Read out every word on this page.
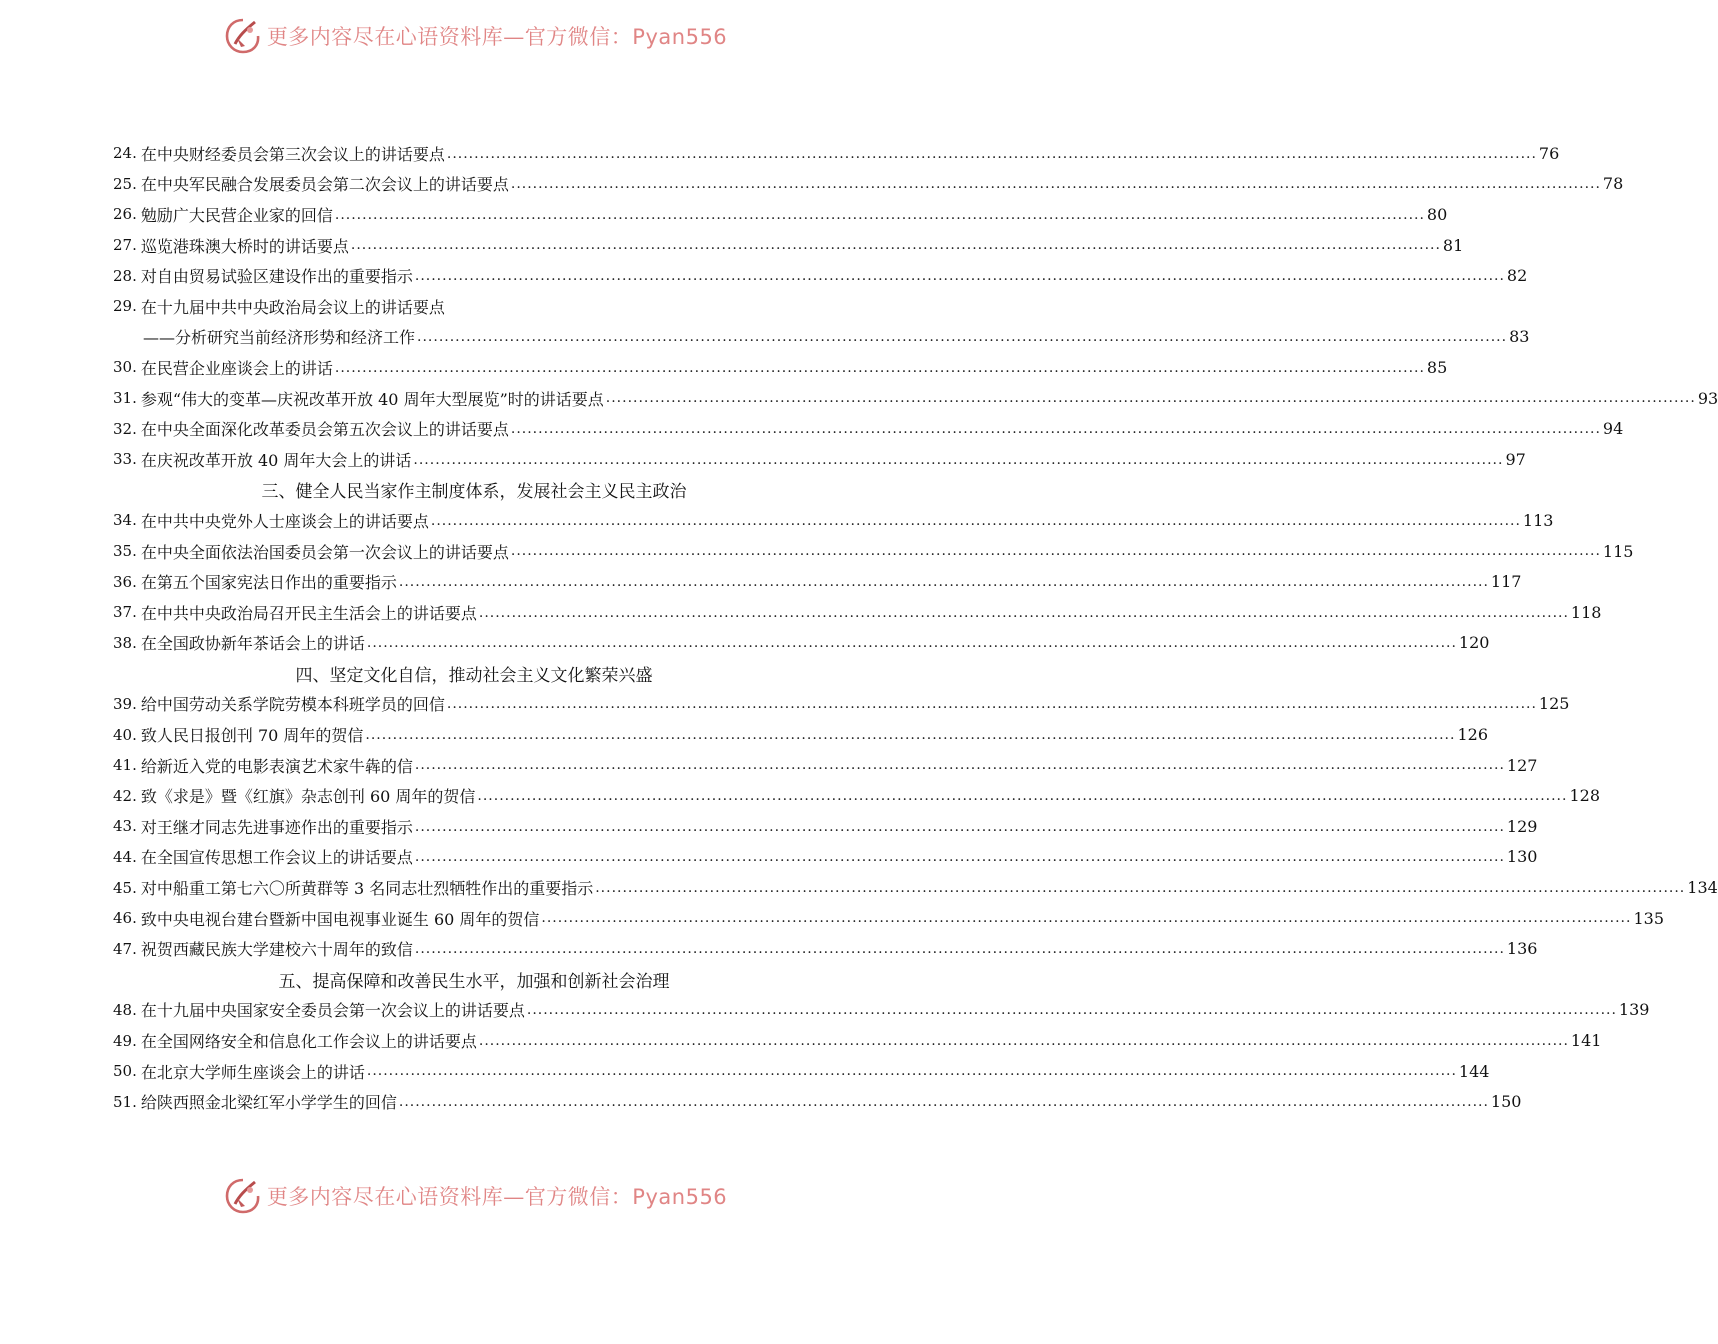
更多内容尽在心语资料库— 官方微信：Pyan556
24. 在中央财经委员会第三次会议上的讲话要点 ........................................................................................................................................................................................................ 76
25. 在中央军民融合发展委员会第二次会议上的讲话要点 ........................................................................................................................................................................................................ 78
26. 勉励广大民营企业家的回信 ........................................................................................................................................................................................................ 80
27. 巡览港珠澳大桥时的讲话要点 ........................................................................................................................................................................................................ 81
28. 对自由贸易试验区建设作出的重要指示 ........................................................................................................................................................................................................ 82
29. 在十九届中共中央政治局会议上的讲话要点
——分析研究当前经济形势和经济工作 ........................................................................................................................................................................................................ 83
30. 在民营企业座谈会上的讲话 ........................................................................................................................................................................................................ 85
31. 参观“伟大的变革—庆祝改革开放 40 周年大型展览”时的讲话要点 ........................................................................................................................................................................................................ 93
32. 在中央全面深化改革委员会第五次会议上的讲话要点 ........................................................................................................................................................................................................ 94
33. 在庆祝改革开放 40 周年大会上的讲话 ........................................................................................................................................................................................................ 97
三、健全人民当家作主制度体系，发展社会主义民主政治
34. 在中共中央党外人士座谈会上的讲话要点 ........................................................................................................................................................................................................ 113
35. 在中央全面依法治国委员会第一次会议上的讲话要点 ........................................................................................................................................................................................................ 115
36. 在第五个国家宪法日作出的重要指示 ........................................................................................................................................................................................................ 117
37. 在中共中央政治局召开民主生活会上的讲话要点 ........................................................................................................................................................................................................ 118
38. 在全国政协新年茶话会上的讲话 ........................................................................................................................................................................................................ 120
四、坚定文化自信，推动社会主义文化繁荣兴盛
39. 给中国劳动关系学院劳模本科班学员的回信 ........................................................................................................................................................................................................ 125
40. 致人民日报创刊 70 周年的贺信 ........................................................................................................................................................................................................ 126
41. 给新近入党的电影表演艺术家牛犇的信 ........................................................................................................................................................................................................ 127
42. 致《求是》暨《红旗》杂志创刊 60 周年的贺信 ........................................................................................................................................................................................................ 128
43. 对王继才同志先进事迹作出的重要指示 ........................................................................................................................................................................................................ 129
44. 在全国宣传思想工作会议上的讲话要点 ........................................................................................................................................................................................................ 130
45. 对中船重工第七六〇所黄群等 3 名同志壮烈牺牲作出的重要指示 ........................................................................................................................................................................................................ 134
46. 致中央电视台建台暨新中国电视事业诞生 60 周年的贺信 ........................................................................................................................................................................................................ 135
47. 祝贺西藏民族大学建校六十周年的致信 ........................................................................................................................................................................................................ 136
五、提高保障和改善民生水平，加强和创新社会治理
48. 在十九届中央国家安全委员会第一次会议上的讲话要点 ........................................................................................................................................................................................................ 139
49. 在全国网络安全和信息化工作会议上的讲话要点 ........................................................................................................................................................................................................ 141
50. 在北京大学师生座谈会上的讲话 ........................................................................................................................................................................................................ 144
51. 给陕西照金北梁红军小学学生的回信 ........................................................................................................................................................................................................ 150
更多内容尽在心语资料库— 官方微信：Pyan556
